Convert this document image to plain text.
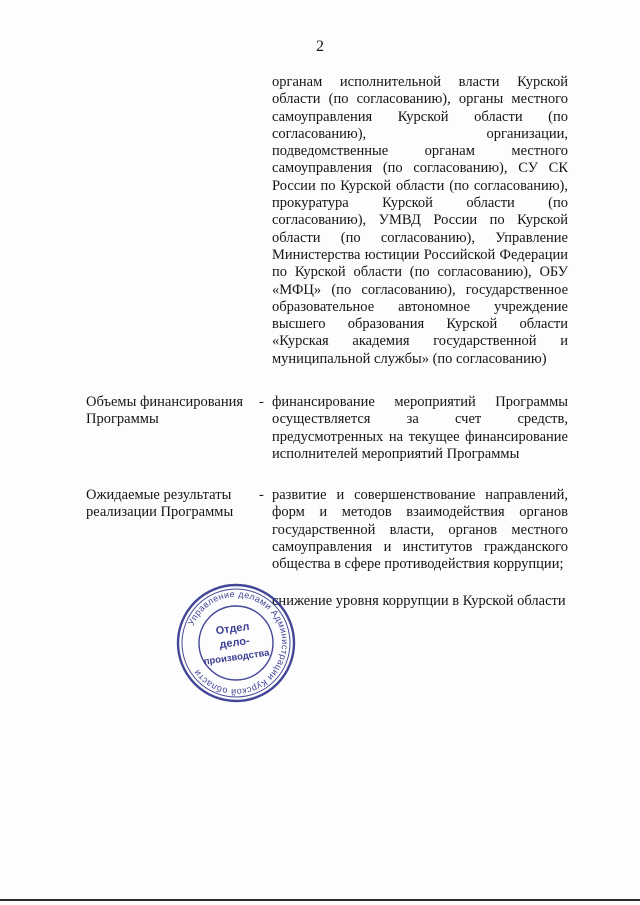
2

органам исполнительной власти Курской области (по согласованию), органы местного самоуправления Курской области (по согласованию), организации, подведомственные органам местного самоуправления (по согласованию), СУ СК России по Курской области (по согласованию), прокуратура Курской области (по согласованию), УМВД России по Курской области (по согласованию), Управление Министерства юстиции Российской Федерации по Курской области (по согласованию), ОБУ «МФЦ» (по согласованию), государственное образовательное автономное учреждение высшего образования Курской области «Курская академия государственной и муниципальной службы» (по согласованию)

Объемы финансирования Программы

- финансирование мероприятий Программы осуществляется за счет средств, предусмотренных на текущее финансирование исполнителей мероприятий Программы

Ожидаемые результаты реализации Программы

- развитие и совершенствование направлений, форм и методов взаимодействия органов государственной власти, органов местного самоуправления и институтов гражданского общества в сфере противодействия коррупции;

снижение уровня коррупции в Курской области

Управление делами Администрации Курской области
Отдел
дело-
производства
